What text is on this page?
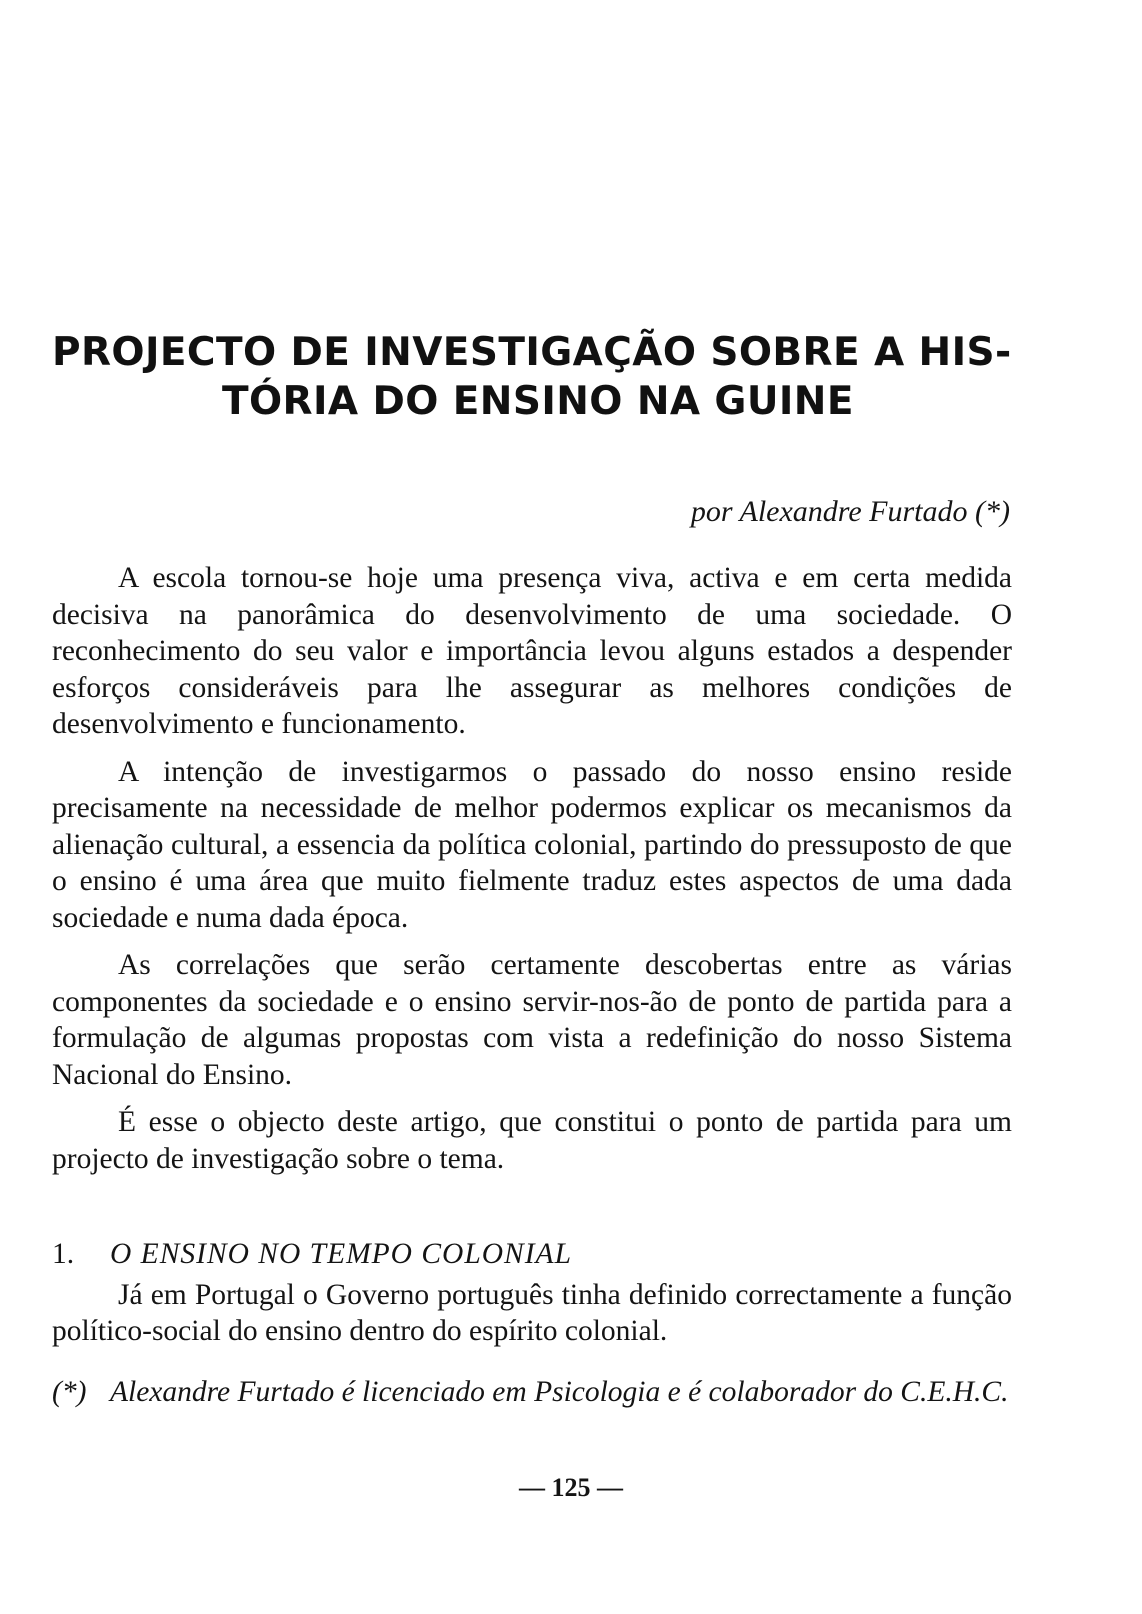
PROJECTO DE INVESTIGAÇÃO SOBRE A HIS-
TÓRIA DO ENSINO NA GUINE
por Alexandre Furtado (*)

A escola tornou-se hoje uma presença viva, activa e em certa medida decisiva na panorâmica do desenvolvimento de uma sociedade. O reconhecimento do seu valor e importância levou alguns estados a despender esforços consideráveis para lhe assegurar as melhores condições de desenvolvimento e funcionamento.

A intenção de investigarmos o passado do nosso ensino reside precisamente na necessidade de melhor podermos explicar os mecanismos da alienação cultural, a essencia da política colonial, partindo do pressuposto de que o ensino é uma área que muito fielmente traduz estes aspectos de uma dada sociedade e numa dada época.

As correlações que serão certamente descobertas entre as várias componentes da sociedade e o ensino servir-nos-ão de ponto de partida para a formulação de algumas propostas com vista a redefinição do nosso Sistema Nacional do Ensino.

É esse o objecto deste artigo, que constitui o ponto de partida para um projecto de investigação sobre o tema.

1. O ENSINO NO TEMPO COLONIAL

Já em Portugal o Governo português tinha definido correctamente a função político-social do ensino dentro do espírito colonial.

(*) Alexandre Furtado é licenciado em Psicologia e é colaborador do C.E.H.C.
— 125 —
